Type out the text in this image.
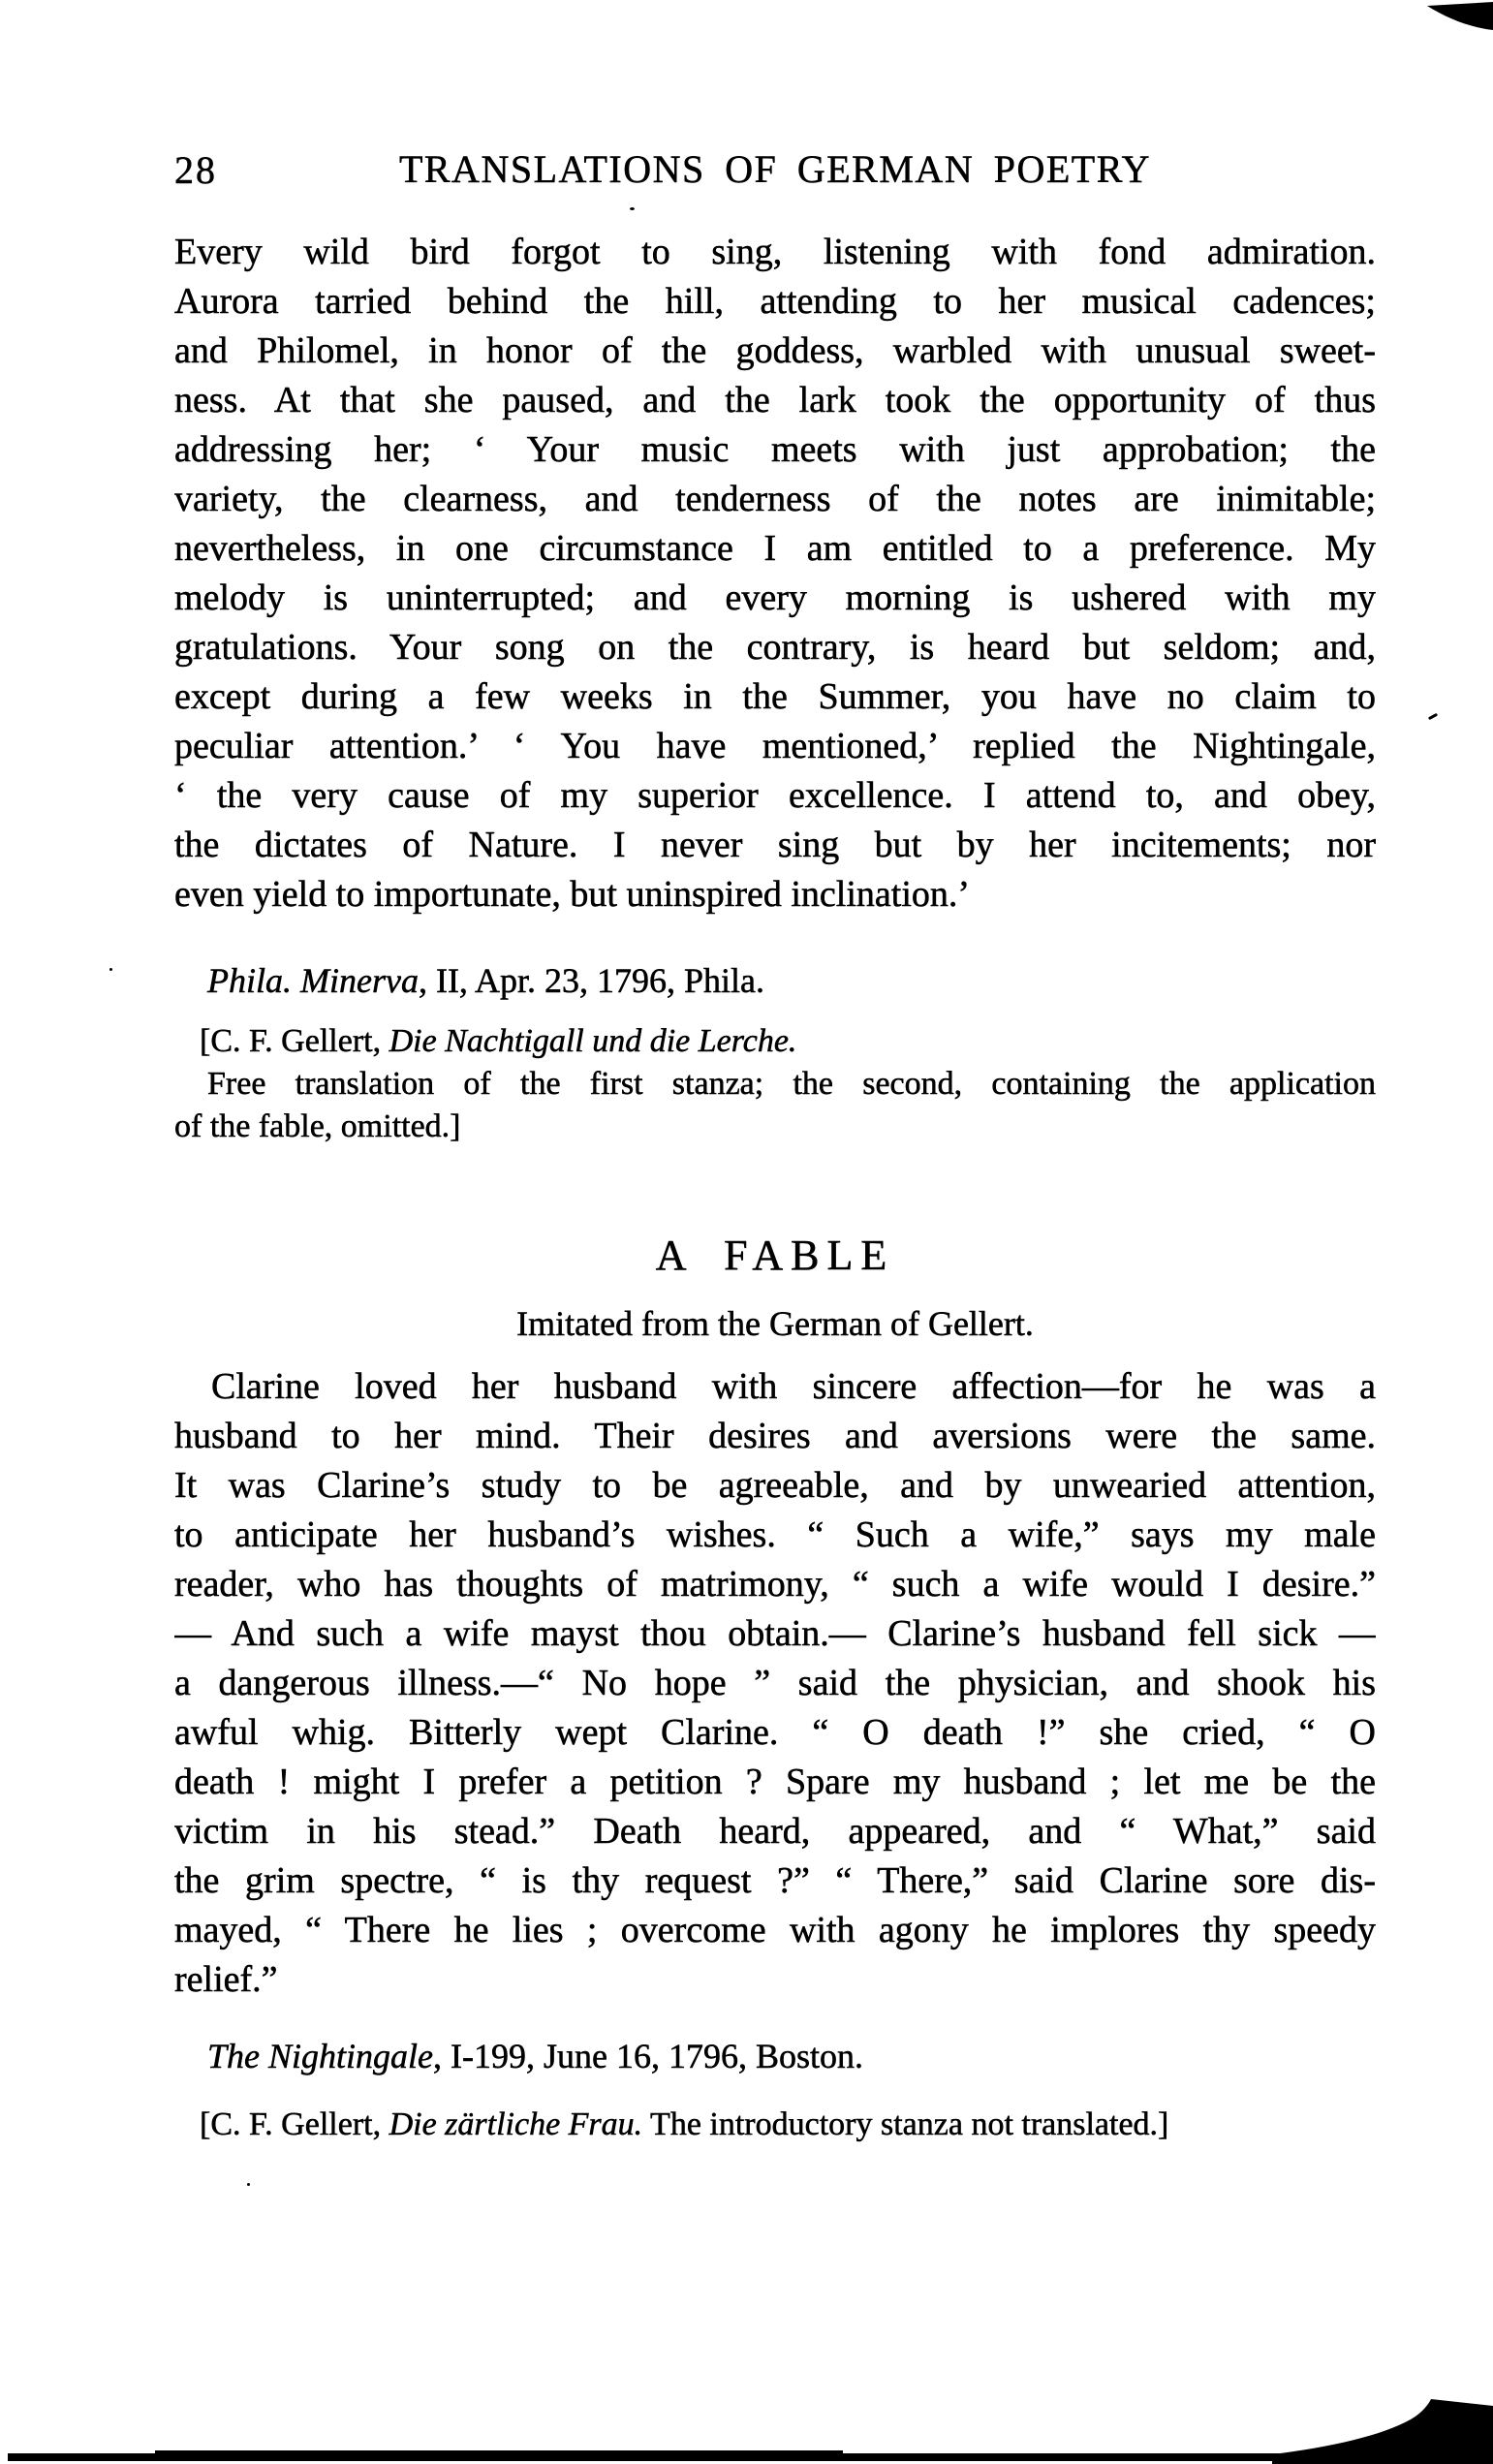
28	TRANSLATIONS OF GERMAN POETRY
Every wild bird forgot to sing, listening with fond admiration.
Aurora tarried behind the hill, attending to her musical cadences;
and Philomel, in honor of the goddess, warbled with unusual sweet-
ness. At that she paused, and the lark took the opportunity of thus
addressing her; ‘ Your music meets with just approbation; the
variety, the clearness, and tenderness of the notes are inimitable;
nevertheless, in one circumstance I am entitled to a preference. My
melody is uninterrupted; and every morning is ushered with my
gratulations. Your song on the contrary, is heard but seldom; and,
except during a few weeks in the Summer, you have no claim to
peculiar attention.’ ‘ You have mentioned,’ replied the Nightingale,
‘ the very cause of my superior excellence. I attend to, and obey,
the dictates of Nature. I never sing but by her incitements; nor
even yield to importunate, but uninspired inclination.’
Phila. Minerva, II, Apr. 23, 1796, Phila.
[C. F. Gellert, Die Nachtigall und die Lerche.
Free translation of the first stanza; the second, containing the application
of the fable, omitted.]
A FABLE
Imitated from the German of Gellert.
Clarine loved her husband with sincere affection—for he was a
husband to her mind. Their desires and aversions were the same.
It was Clarine’s study to be agreeable, and by unwearied attention,
to anticipate her husband’s wishes. “ Such a wife,” says my male
reader, who has thoughts of matrimony, “ such a wife would I desire.”
— And such a wife mayst thou obtain.— Clarine’s husband fell sick —
a dangerous illness.—“ No hope ” said the physician, and shook his
awful whig. Bitterly wept Clarine. “ O death !” she cried, “ O
death ! might I prefer a petition ? Spare my husband ; let me be the
victim in his stead.” Death heard, appeared, and “ What,” said
the grim spectre, “ is thy request ?” “ There,” said Clarine sore dis-
mayed, “ There he lies ; overcome with agony he implores thy speedy
relief.”
The Nightingale, I-199, June 16, 1796, Boston.
[C. F. Gellert, Die zärtliche Frau. The introductory stanza not translated.]
